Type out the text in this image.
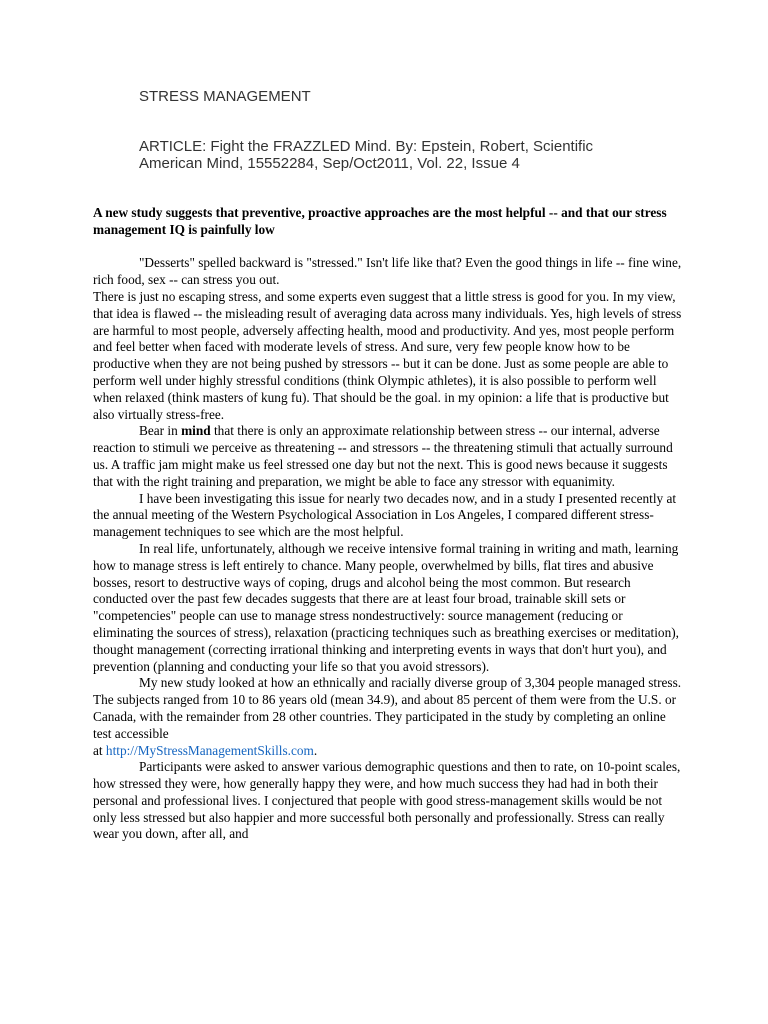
STRESS MANAGEMENT
ARTICLE: Fight the FRAZZLED Mind. By: Epstein, Robert, Scientific American Mind, 15552284, Sep/Oct2011, Vol. 22, Issue 4

A new study suggests that preventive, proactive approaches are the most helpful -- and that our stress management IQ is painfully low

"Desserts" spelled backward is "stressed." Isn't life like that? Even the good things in life -- fine wine, rich food, sex -- can stress you out.

There is just no escaping stress, and some experts even suggest that a little stress is good for you. In my view, that idea is flawed -- the misleading result of averaging data across many individuals. Yes, high levels of stress are harmful to most people, adversely affecting health, mood and productivity. And yes, most people perform and feel better when faced with moderate levels of stress. And sure, very few people know how to be productive when they are not being pushed by stressors -- but it can be done. Just as some people are able to perform well under highly stressful conditions (think Olympic athletes), it is also possible to perform well when relaxed (think masters of kung fu). That should be the goal. in my opinion: a life that is productive but also virtually stress-free.

Bear in mind that there is only an approximate relationship between stress -- our internal, adverse reaction to stimuli we perceive as threatening -- and stressors -- the threatening stimuli that actually surround us. A traffic jam might make us feel stressed one day but not the next. This is good news because it suggests that with the right training and preparation, we might be able to face any stressor with equanimity.

I have been investigating this issue for nearly two decades now, and in a study I presented recently at the annual meeting of the Western Psychological Association in Los Angeles, I compared different stress-management techniques to see which are the most helpful.

In real life, unfortunately, although we receive intensive formal training in writing and math, learning how to manage stress is left entirely to chance. Many people, overwhelmed by bills, flat tires and abusive bosses, resort to destructive ways of coping, drugs and alcohol being the most common. But research conducted over the past few decades suggests that there are at least four broad, trainable skill sets or "competencies" people can use to manage stress nondestructively: source management (reducing or eliminating the sources of stress), relaxation (practicing techniques such as breathing exercises or meditation), thought management (correcting irrational thinking and interpreting events in ways that don't hurt you), and prevention (planning and conducting your life so that you avoid stressors).

My new study looked at how an ethnically and racially diverse group of 3,304 people managed stress. The subjects ranged from 10 to 86 years old (mean 34.9), and about 85 percent of them were from the U.S. or Canada, with the remainder from 28 other countries. They participated in the study by completing an online test accessible
at http://MyStressManagementSkills.com.

Participants were asked to answer various demographic questions and then to rate, on 10-point scales, how stressed they were, how generally happy they were, and how much success they had had in both their personal and professional lives. I conjectured that people with good stress-management skills would be not only less stressed but also happier and more successful both personally and professionally. Stress can really wear you down, after all, and
